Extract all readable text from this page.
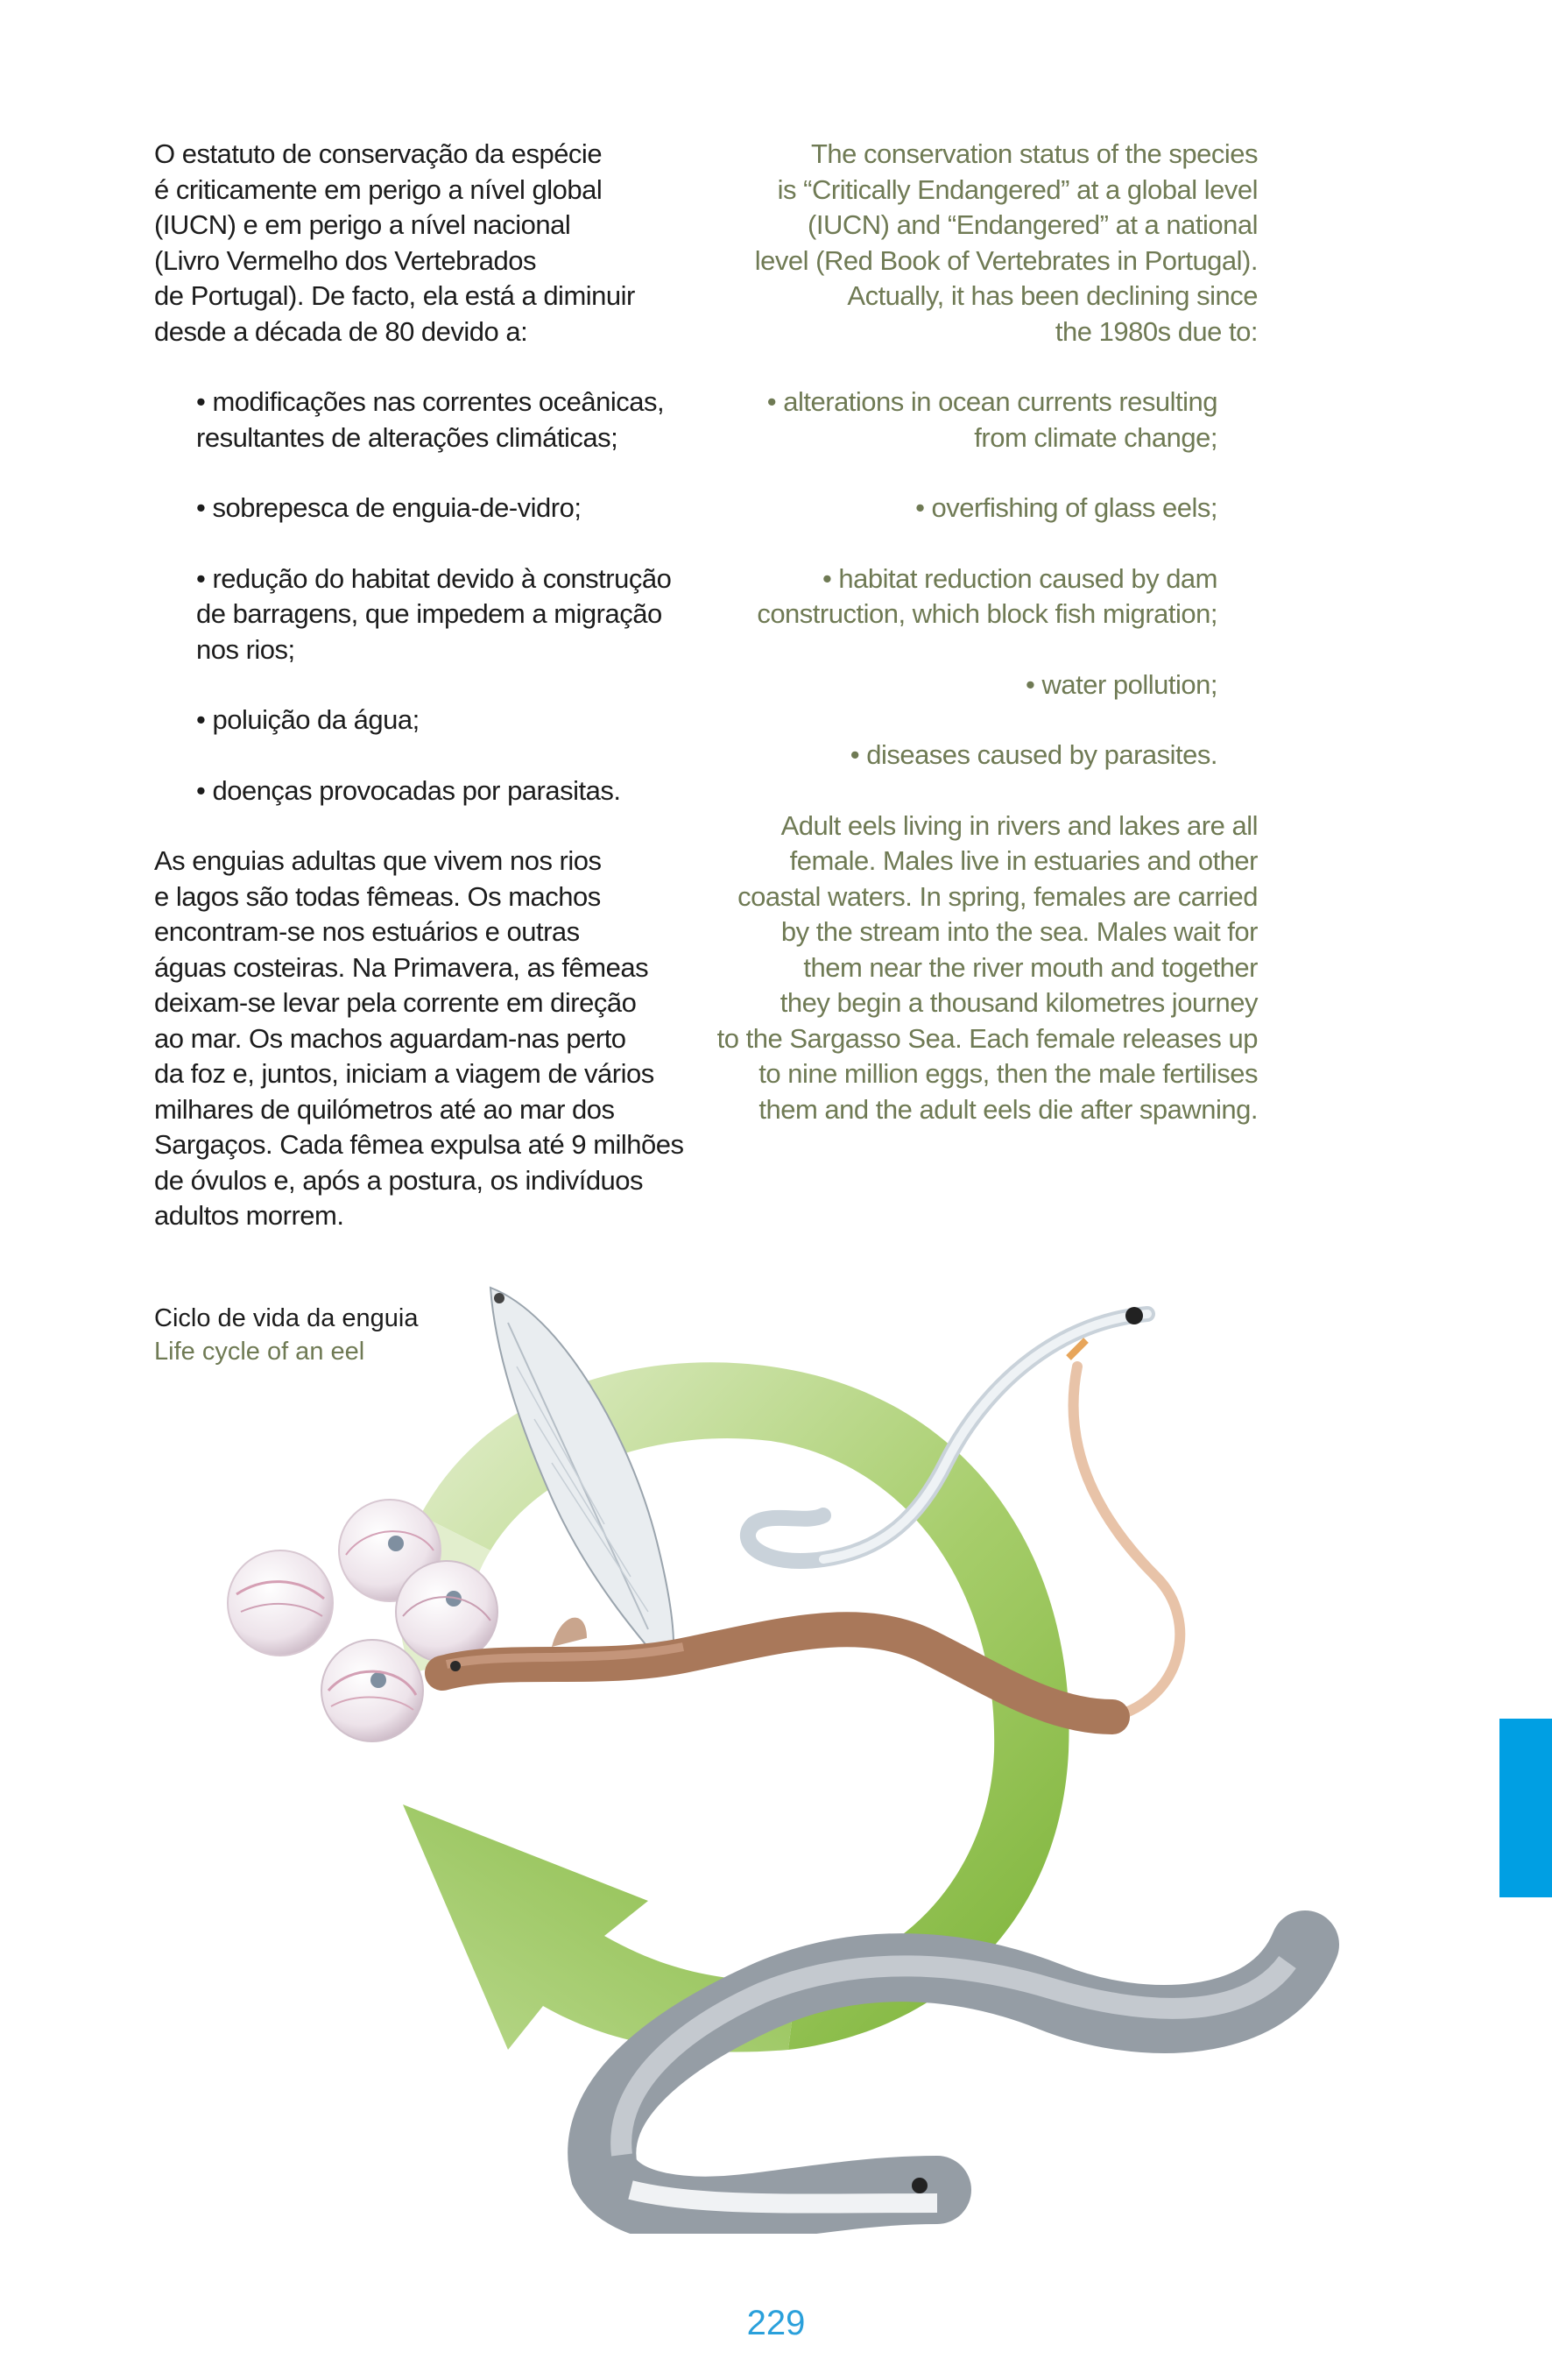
O estatuto de conservação da espécie
é criticamente em perigo a nível global
(IUCN) e em perigo a nível nacional
(Livro Vermelho dos Vertebrados
de Portugal). De facto, ela está a diminuir
desde a década de 80 devido a:

• modificações nas correntes oceânicas,
resultantes de alterações climáticas;

• sobrepesca de enguia-de-vidro;

• redução do habitat devido à construção
de barragens, que impedem a migração
nos rios;

• poluição da água;

• doenças provocadas por parasitas.

As enguias adultas que vivem nos rios
e lagos são todas fêmeas. Os machos
encontram-se nos estuários e outras
águas costeiras. Na Primavera, as fêmeas
deixam-se levar pela corrente em direção
ao mar. Os machos aguardam-nas perto
da foz e, juntos, iniciam a viagem de vários
milhares de quilómetros até ao mar dos
Sargaços. Cada fêmea expulsa até 9 milhões
de óvulos e, após a postura, os indivíduos
adultos morrem.

The conservation status of the species
is “Critically Endangered” at a global level
(IUCN) and “Endangered” at a national
level (Red Book of Vertebrates in Portugal).
Actually, it has been declining since
the 1980s due to:

• alterations in ocean currents resulting
from climate change;

• overfishing of glass eels;

• habitat reduction caused by dam
construction, which block fish migration;

• water pollution;

• diseases caused by parasites.

Adult eels living in rivers and lakes are all
female. Males live in estuaries and other
coastal waters. In spring, females are carried
by the stream into the sea. Males wait for
them near the river mouth and together
they begin a thousand kilometres journey
to the Sargasso Sea. Each female releases up
to nine million eggs, then the male fertilises
them and the adult eels die after spawning.

Ciclo de vida da enguia
Life cycle of an eel
229
